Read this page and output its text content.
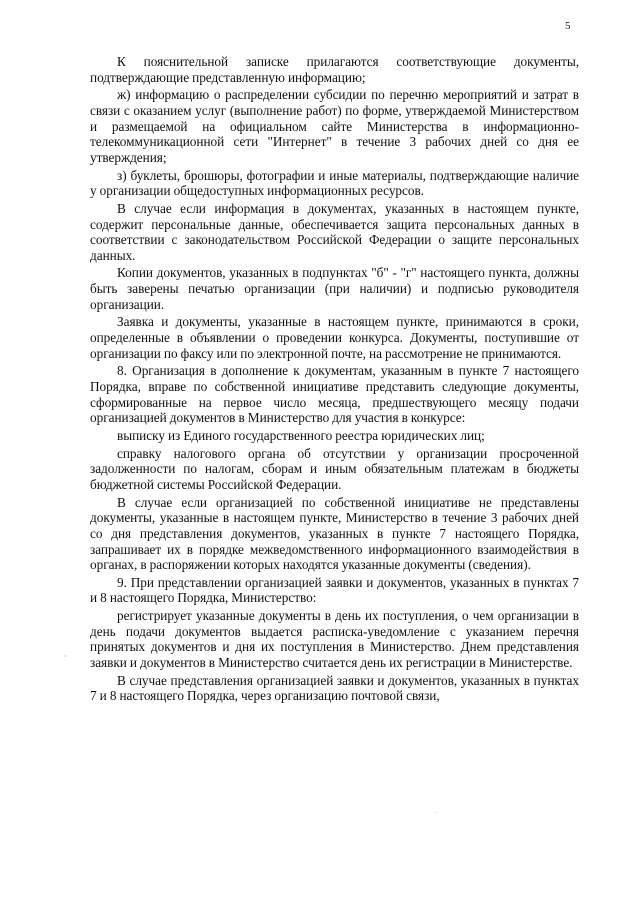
5

К пояснительной записке прилагаются соответствующие документы, подтверждающие представленную информацию;

ж) информацию о распределении субсидии по перечню мероприятий и затрат в связи с оказанием услуг (выполнение работ) по форме, утверждаемой Министерством и размещаемой на официальном сайте Министерства в информационно-телекоммуникационной сети "Интернет" в течение 3 рабочих дней со дня ее утверждения;

з) буклеты, брошюры, фотографии и иные материалы, подтверждающие наличие у организации общедоступных информационных ресурсов.

В случае если информация в документах, указанных в настоящем пункте, содержит персональные данные, обеспечивается защита персональных данных в соответствии с законодательством Российской Федерации о защите персональных данных.

Копии документов, указанных в подпунктах "б" - "г" настоящего пункта, должны быть заверены печатью организации (при наличии) и подписью руководителя организации.

Заявка и документы, указанные в настоящем пункте, принимаются в сроки, определенные в объявлении о проведении конкурса. Документы, поступившие от организации по факсу или по электронной почте, на рассмотрение не принимаются.

8. Организация в дополнение к документам, указанным в пункте 7 настоящего Порядка, вправе по собственной инициативе представить следующие документы, сформированные на первое число месяца, предшествующего месяцу подачи организацией документов в Министерство для участия в конкурсе:

выписку из Единого государственного реестра юридических лиц;

справку налогового органа об отсутствии у организации просроченной задолженности по налогам, сборам и иным обязательным платежам в бюджеты бюджетной системы Российской Федерации.

В случае если организацией по собственной инициативе не представлены документы, указанные в настоящем пункте, Министерство в течение 3 рабочих дней со дня представления документов, указанных в пункте 7 настоящего Порядка, запрашивает их в порядке межведомственного информационного взаимодействия в органах, в распоряжении которых находятся указанные документы (сведения).

9. При представлении организацией заявки и документов, указанных в пунктах 7 и 8 настоящего Порядка, Министерство:

регистрирует указанные документы в день их поступления, о чем организации в день подачи документов выдается расписка-уведомление с указанием перечня принятых документов и дня их поступления в Министерство. Днем представления заявки и документов в Министерство считается день их регистрации в Министерстве.

В случае представления организацией заявки и документов, указанных в пунктах 7 и 8 настоящего Порядка, через организацию почтовой связи,

·
.
